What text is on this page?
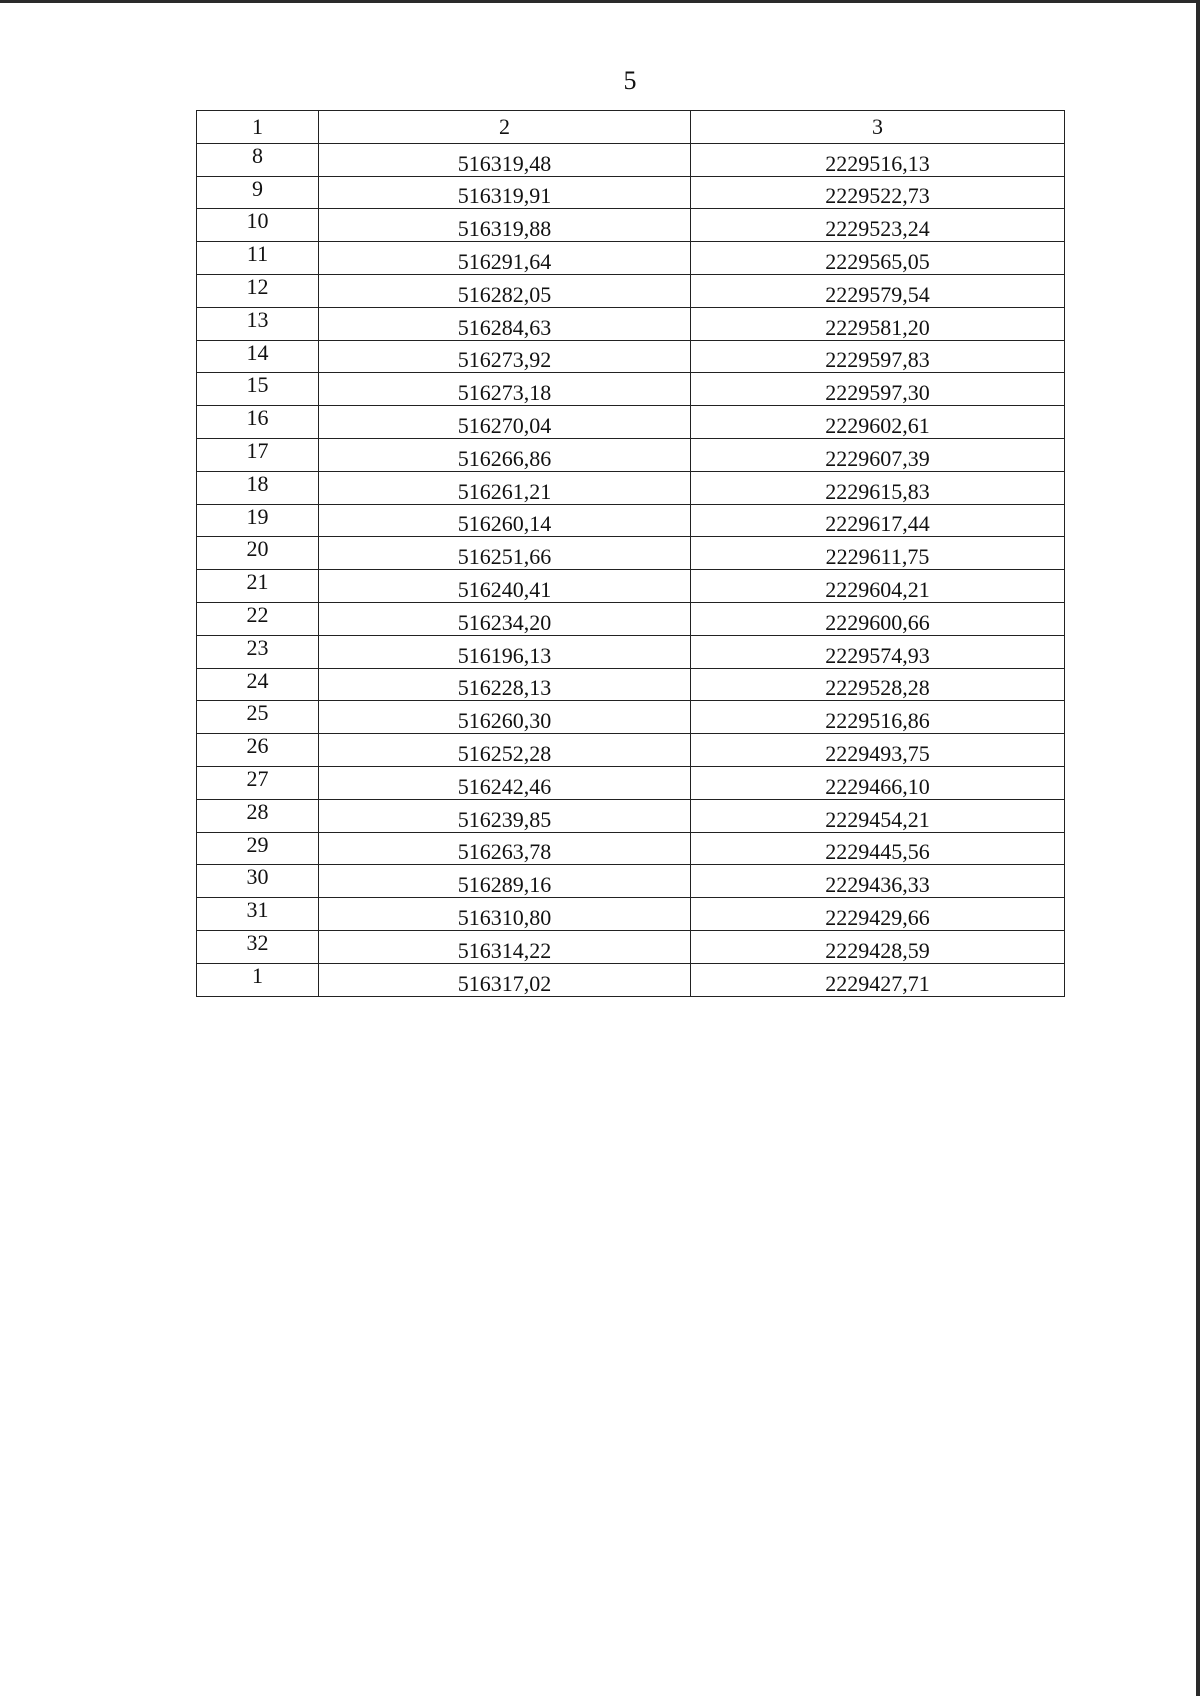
5
1	2	3
8	516319,48	2229516,13
9	516319,91	2229522,73
10	516319,88	2229523,24
11	516291,64	2229565,05
12	516282,05	2229579,54
13	516284,63	2229581,20
14	516273,92	2229597,83
15	516273,18	2229597,30
16	516270,04	2229602,61
17	516266,86	2229607,39
18	516261,21	2229615,83
19	516260,14	2229617,44
20	516251,66	2229611,75
21	516240,41	2229604,21
22	516234,20	2229600,66
23	516196,13	2229574,93
24	516228,13	2229528,28
25	516260,30	2229516,86
26	516252,28	2229493,75
27	516242,46	2229466,10
28	516239,85	2229454,21
29	516263,78	2229445,56
30	516289,16	2229436,33
31	516310,80	2229429,66
32	516314,22	2229428,59
1	516317,02	2229427,71
